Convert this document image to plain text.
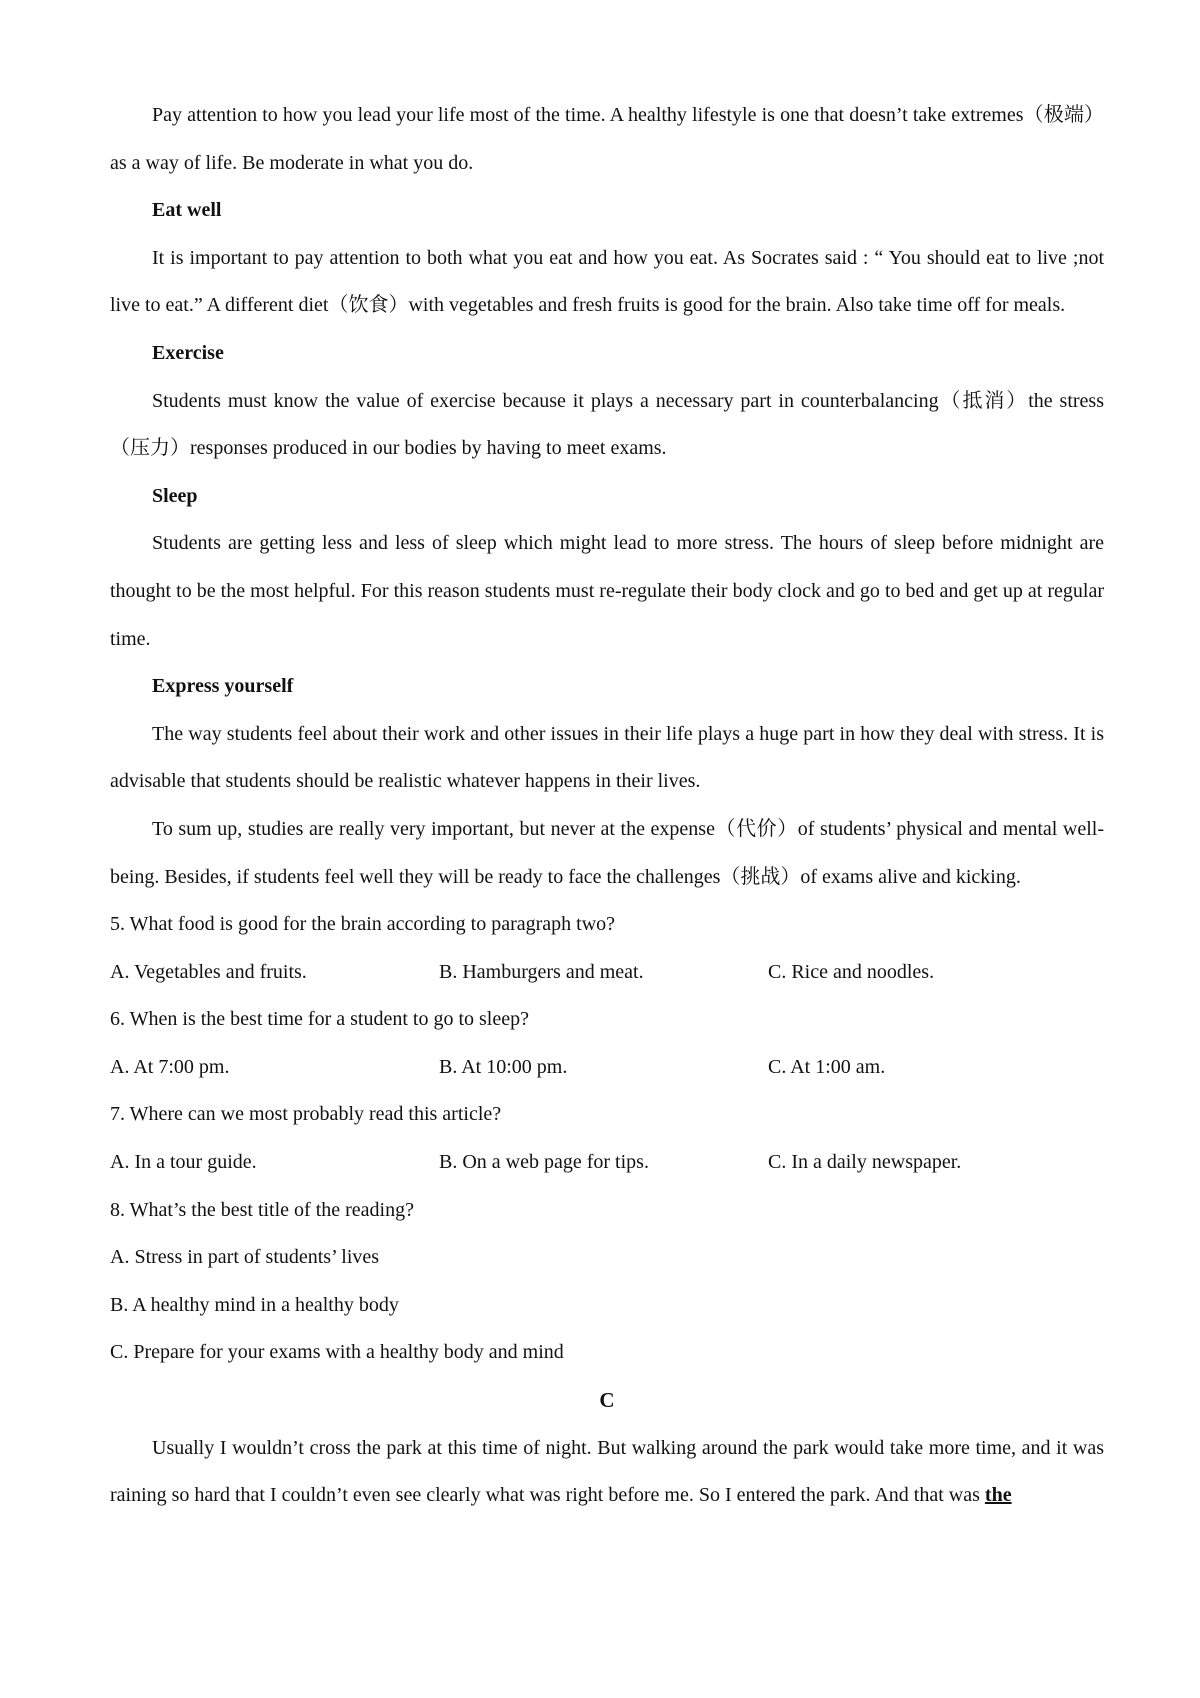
Pay attention to how you lead your life most of the time. A healthy lifestyle is one that doesn’t take extremes（极端）as a way of life. Be moderate in what you do.

Eat well

It is important to pay attention to both what you eat and how you eat. As Socrates said : “ You should eat to live ;not live to eat.” A different diet（饮食）with vegetables and fresh fruits is good for the brain. Also take time off for meals.

Exercise

Students must know the value of exercise because it plays a necessary part in counterbalancing（抵消）the stress（压力）responses produced in our bodies by having to meet exams.

Sleep

Students are getting less and less of sleep which might lead to more stress. The hours of sleep before midnight are thought to be the most helpful. For this reason students must re-regulate their body clock and go to bed and get up at regular time.

Express yourself

The way students feel about their work and other issues in their life plays a huge part in how they deal with stress. It is advisable that students should be realistic whatever happens in their lives.

To sum up, studies are really very important, but never at the expense（代价）of students’ physical and mental well-being. Besides, if students feel well they will be ready to face the challenges（挑战）of exams alive and kicking.

5. What food is good for the brain according to paragraph two?

A. Vegetables and fruits.	B. Hamburgers and meat.	C. Rice and noodles.

6. When is the best time for a student to go to sleep?

A. At 7:00 pm.	B. At 10:00 pm.	C. At 1:00 am.

7. Where can we most probably read this article?

A. In a tour guide.	B. On a web page for tips.	C. In a daily newspaper.

8. What’s the best title of the reading?

A. Stress in part of students’ lives

B. A healthy mind in a healthy body

C. Prepare for your exams with a healthy body and mind

C

Usually I wouldn’t cross the park at this time of night. But walking around the park would take more time, and it was raining so hard that I couldn’t even see clearly what was right before me. So I entered the park. And that was the
